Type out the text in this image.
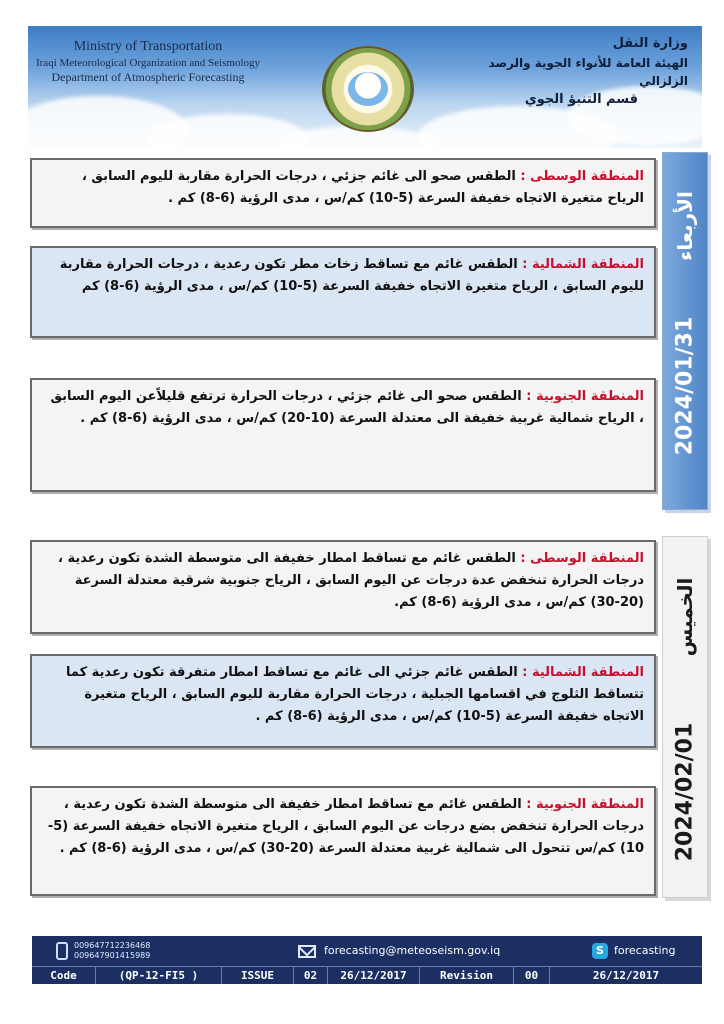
Ministry of Transportation
Iraqi Meteorological Organization and Seismology
Department of Atmospheric Forecasting
وزارة النقل
الهيئة العامة للأنواء الجوية والرصد الزلزالي
قسم التنبؤ الجوي
المنطقة الوسطى : الطقس صحو الى غائم جزئي ، درجات الحرارة مقاربة لليوم السابق ، الرياح متغيرة الاتجاه خفيفة السرعة (5-10) كم/س ، مدى الرؤية (6-8) كم .
المنطقة الشمالية : الطقس غائم مع تساقط زخات مطر تكون رعدية ، درجات الحرارة مقاربة لليوم السابق ، الرياح متغيرة الاتجاه خفيفة السرعة (5-10) كم/س ، مدى الرؤية (6-8) كم
المنطقة الجنوبية : الطقس صحو الى غائم جزئي ، درجات الحرارة ترتفع قليلاًعن اليوم السابق ، الرياح شمالية غربية خفيفة الى معتدلة السرعة (10-20) كم/س ، مدى الرؤية (6-8) كم .
الأربعاء
2024/01/31
المنطقة الوسطى : الطقس غائم مع تساقط امطار خفيفة الى متوسطة الشدة تكون رعدية ، درجات الحرارة تنخفض عدة درجات عن اليوم السابق ، الرياح جنوبية شرقية معتدلة السرعة (20-30) كم/س ، مدى الرؤية (6-8) كم.
المنطقة الشمالية : الطقس غائم جزئي الى غائم مع تساقط امطار متفرقة تكون رعدية كما تتساقط الثلوج في اقسامها الجبلية ، درجات الحرارة مقاربة لليوم السابق ، الرياح متغيرة الاتجاه خفيفة السرعة (5-10) كم/س ، مدى الرؤية (6-8) كم .
المنطقة الجنوبية : الطقس غائم مع تساقط امطار خفيفة الى متوسطة الشدة تكون رعدية ، درجات الحرارة تنخفض بضع درجات عن اليوم السابق ، الرياح متغيرة الاتجاه خفيفة السرعة (5-10) كم/س تتحول الى شمالية غربية معتدلة السرعة (20-30) كم/س ، مدى الرؤية (6-8) كم .
الخميس
2024/02/01
009647712236468
009647901415989	forecasting@meteoseism.gov.iq	S forecasting
Code	(QP-12-FI5 )	ISSUE	02	26/12/2017	Revision	00	26/12/2017
